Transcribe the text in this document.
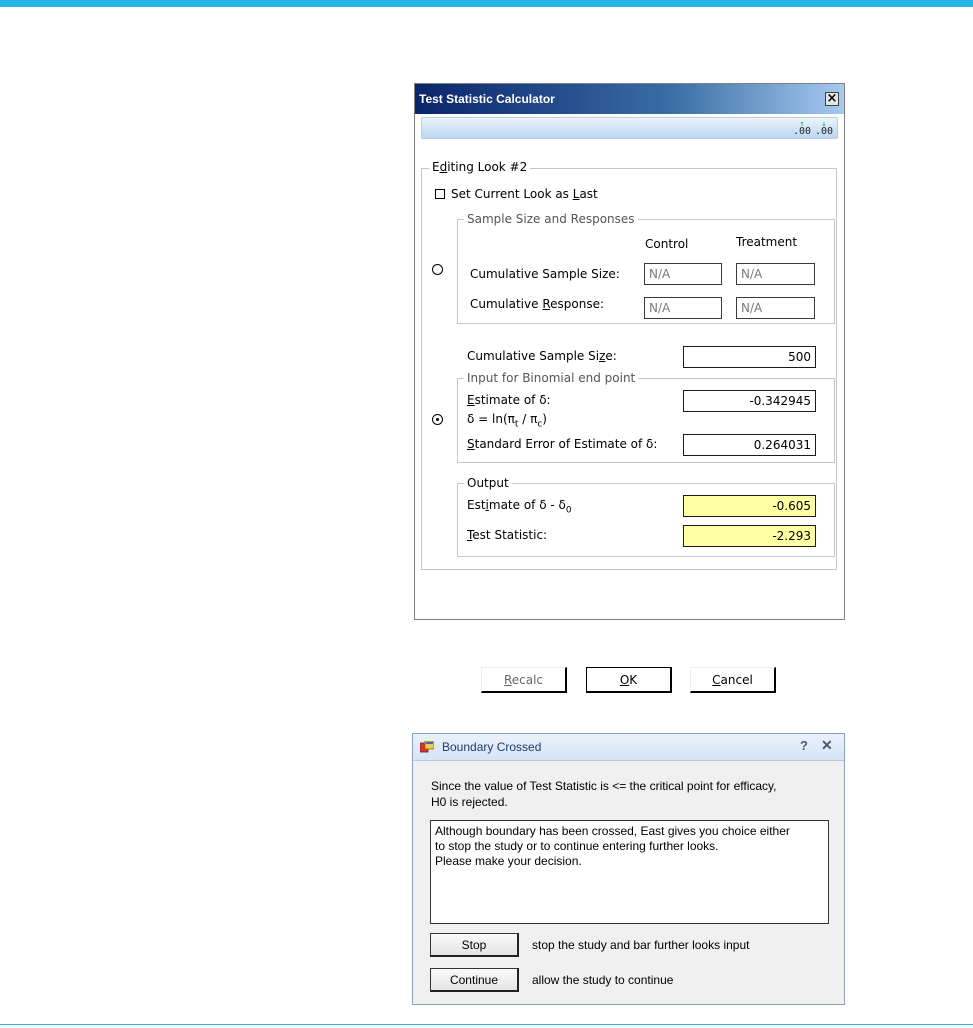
Test Statistic Calculator	×
↑
.00
↓
.00
Editing Look #2
Set Current Look as Last
Sample Size and Responses
Control	Treatment
Cumulative Sample Size:	N/A	N/A
Cumulative Response:	N/A	N/A
Cumulative Sample Size:	500
Input for Binomial end point
Estimate of δ:	-0.342945
$\delta = \ln(\pi_t / \pi_c)$
Standard Error of Estimate of δ:	0.264031
Output
Estimate of δ - $\delta_0$	-0.605
Test Statistic:	-2.293
Recalc	OK	Cancel
Boundary Crossed	? ✕
Since the value of Test Statistic is <= the critical point for efficacy,
H0 is rejected.
Although boundary has been crossed, East gives you choice either
to stop the study or to continue entering further looks.
Please make your decision.
Stop	stop the study and bar further looks input
Continue	allow the study to continue
